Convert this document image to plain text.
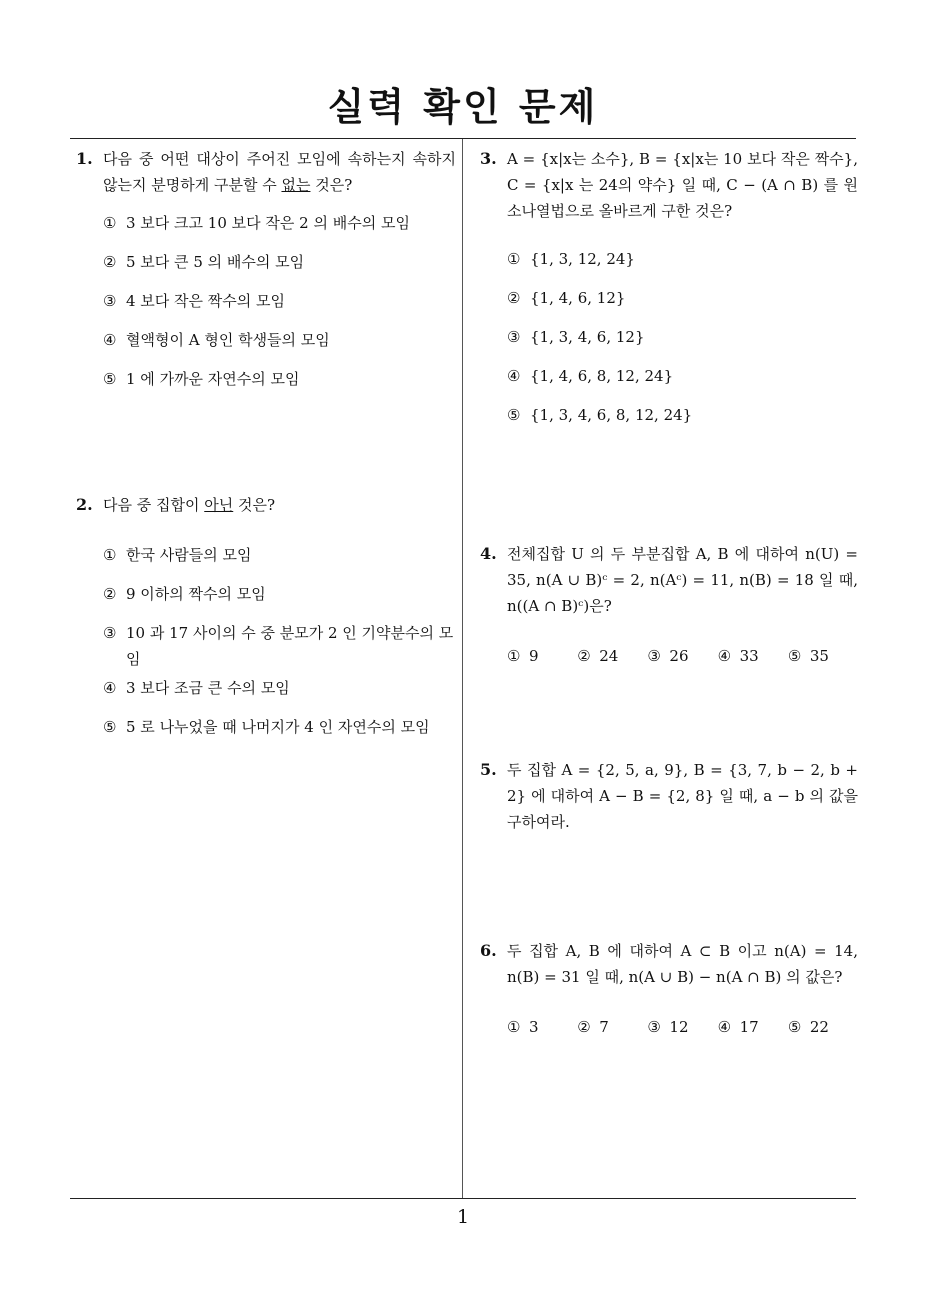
실력 확인 문제
1. 다음 중 어떤 대상이 주어진 모임에 속하는지 속하지 않는지 분명하게 구분할 수 없는 것은?
① 3 보다 크고 10 보다 작은 2 의 배수의 모임
② 5 보다 큰 5 의 배수의 모임
③ 4 보다 작은 짝수의 모임
④ 혈액형이 A 형인 학생들의 모임
⑤ 1 에 가까운 자연수의 모임
2. 다음 중 집합이 아닌 것은?
① 한국 사람들의 모임
② 9 이하의 짝수의 모임
③ 10 과 17 사이의 수 중 분모가 2 인 기약분수의 모임
④ 3 보다 조금 큰 수의 모임
⑤ 5 로 나누었을 때 나머지가 4 인 자연수의 모임
3. A = {x|x는 소수}, B = {x|x는 10 보다 작은 짝수}, C = {x|x 는 24의 약수} 일 때, C − (A ∩ B) 를 원소나열법으로 올바르게 구한 것은?
① {1, 3, 12, 24}
② {1, 4, 6, 12}
③ {1, 3, 4, 6, 12}
④ {1, 4, 6, 8, 12, 24}
⑤ {1, 3, 4, 6, 8, 12, 24}
4. 전체집합 U 의 두 부분집합 A, B 에 대하여 n(U) = 35, n(A ∪ B)ᶜ = 2, n(Aᶜ) = 11, n(B) = 18 일 때, n((A ∩ B)ᶜ)은?
① 9	② 24	③ 26	④ 33	⑤ 35
5. 두 집합 A = {2, 5, a, 9}, B = {3, 7, b − 2, b + 2} 에 대하여 A − B = {2, 8} 일 때, a − b 의 값을 구하여라.
6. 두 집합 A, B 에 대하여 A ⊂ B 이고 n(A) = 14, n(B) = 31 일 때, n(A ∪ B) − n(A ∩ B) 의 값은?
① 3	② 7	③ 12	④ 17	⑤ 22
1
